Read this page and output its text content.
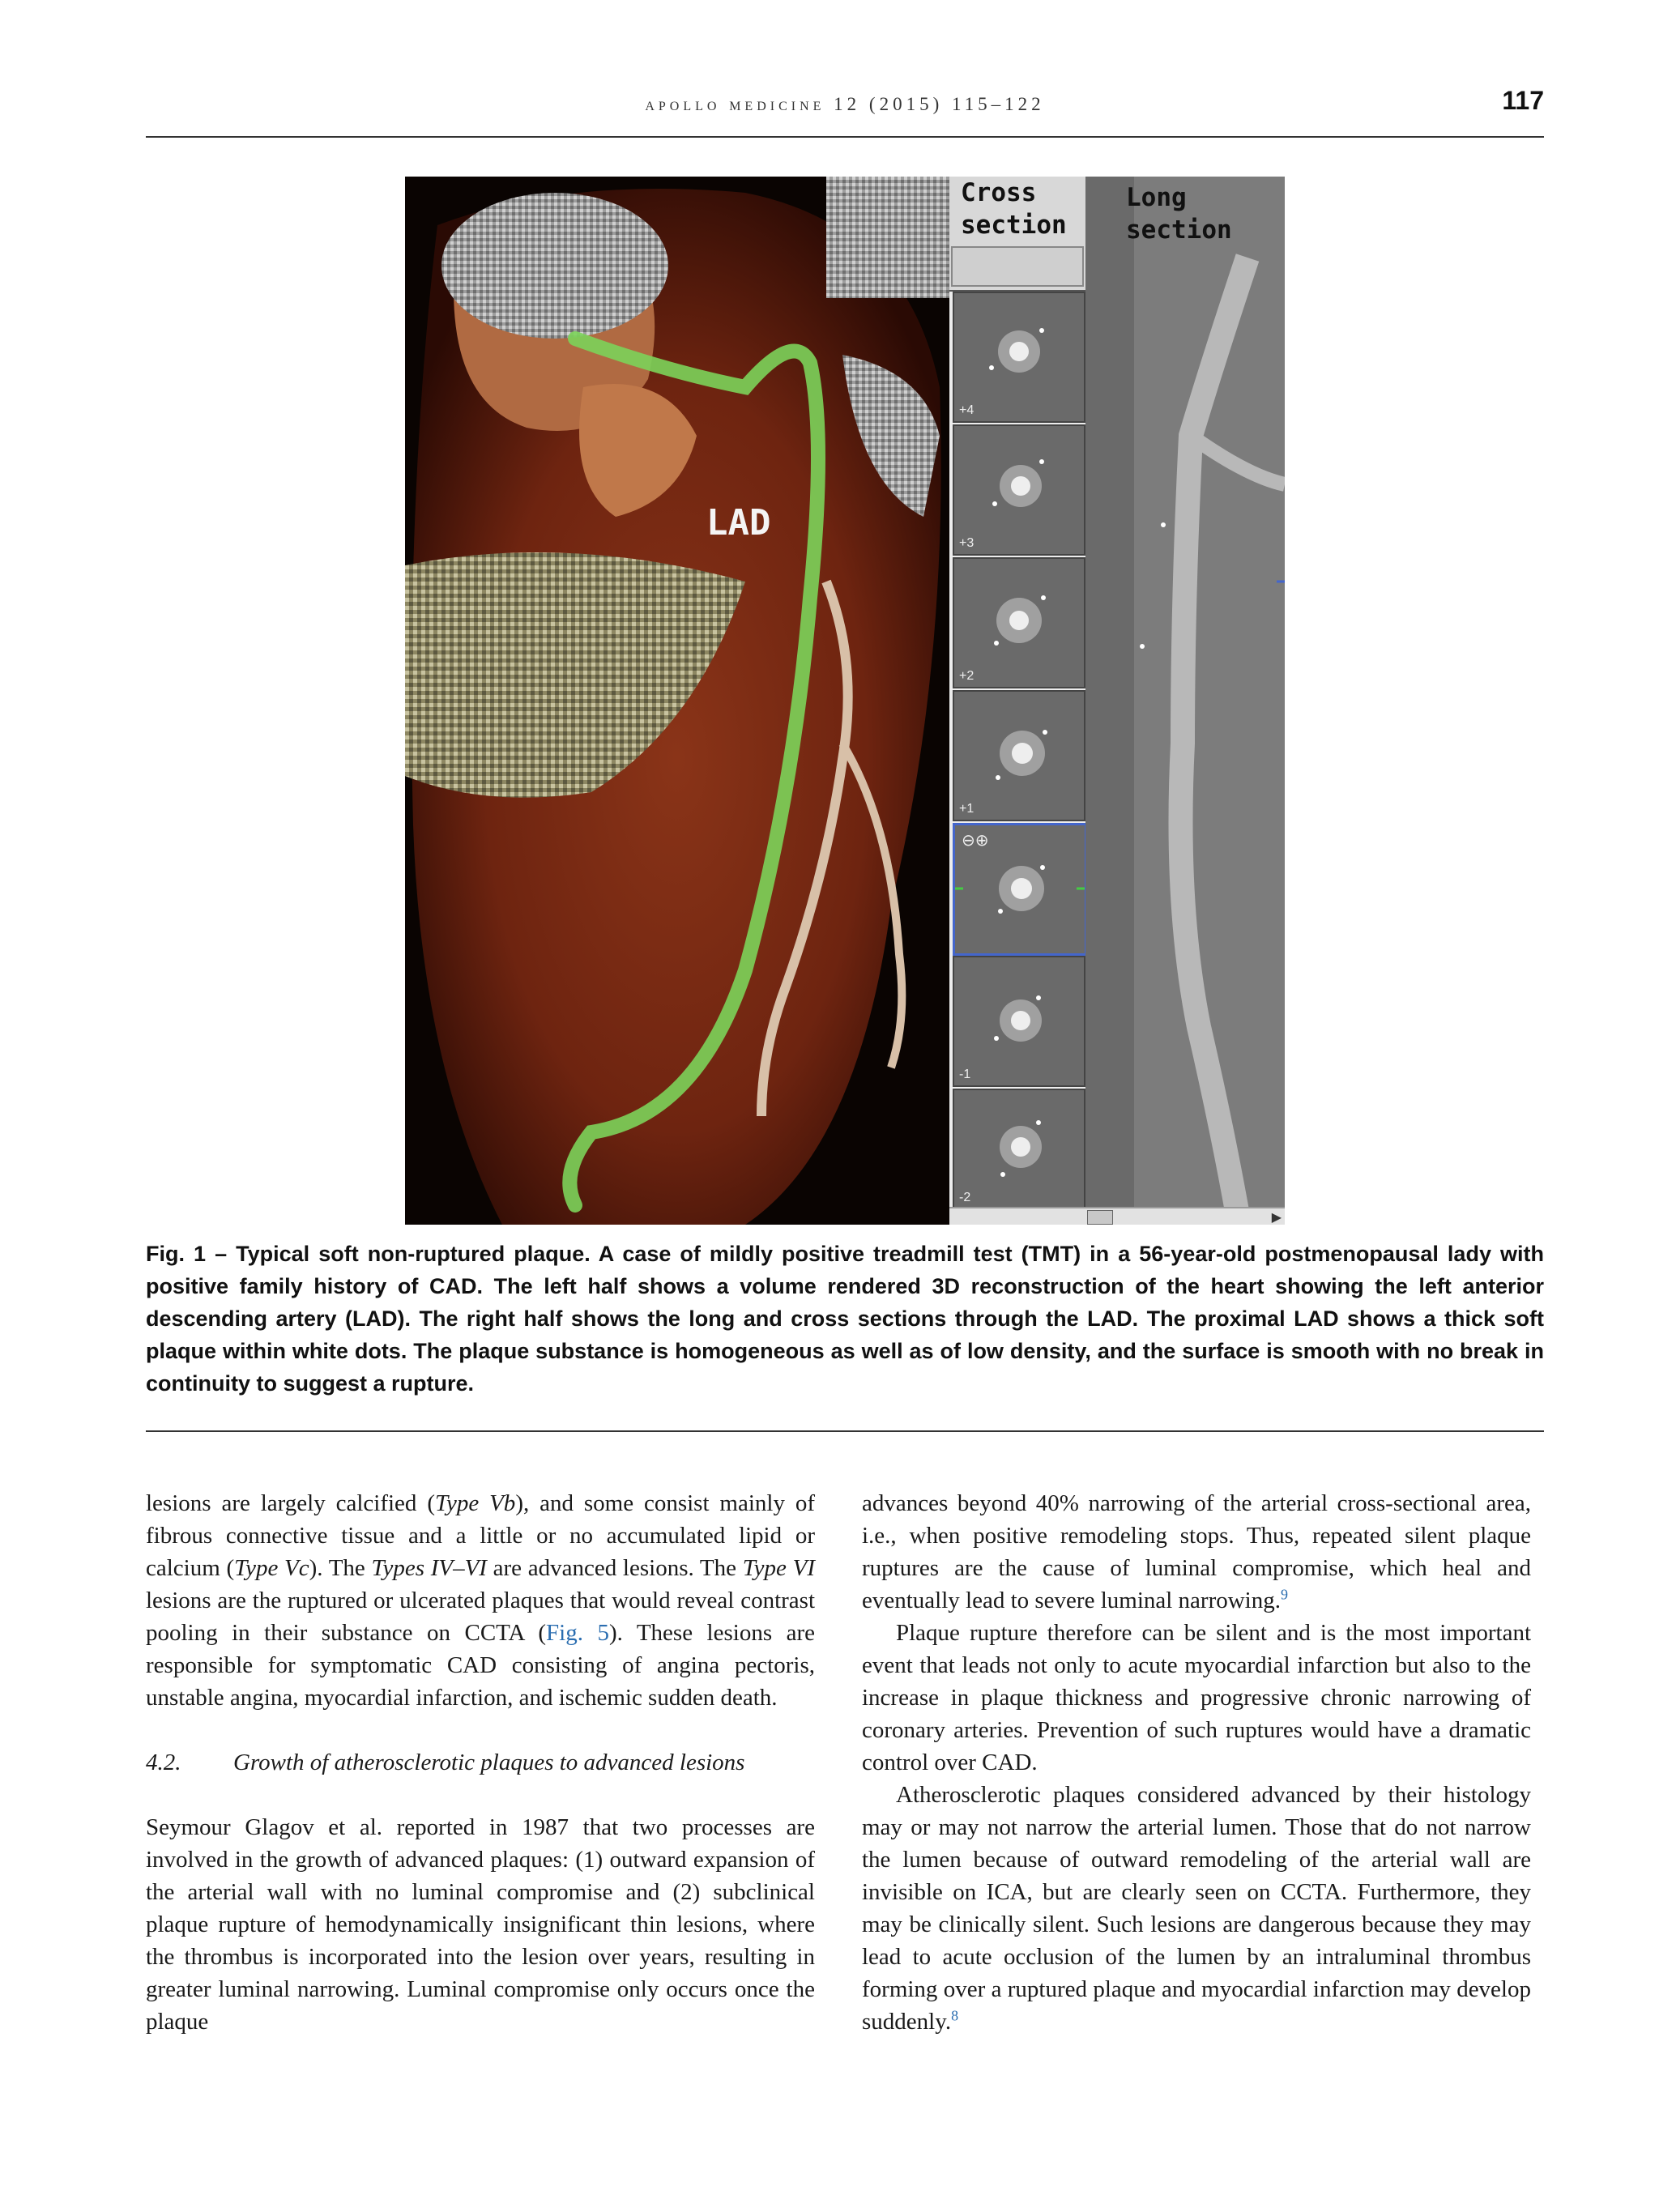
apollo medicine 12 (2015) 115–122	117
LAD
Cross
section
+4
+3
+2
+1
⊖⊕
-1
-2
Long
section
▶
Fig. 1 – Typical soft non-ruptured plaque. A case of mildly positive treadmill test (TMT) in a 56-year-old postmenopausal lady with positive family history of CAD. The left half shows a volume rendered 3D reconstruction of the heart showing the left anterior descending artery (LAD). The right half shows the long and cross sections through the LAD. The proximal LAD shows a thick soft plaque within white dots. The plaque substance is homogeneous as well as of low density, and the surface is smooth with no break in continuity to suggest a rupture.

lesions are largely calcified (Type Vb), and some consist mainly of fibrous connective tissue and a little or no accumulated lipid or calcium (Type Vc). The Types IV–VI are advanced lesions. The Type VI lesions are the ruptured or ulcerated plaques that would reveal contrast pooling in their substance on CCTA (Fig. 5). These lesions are responsible for symptomatic CAD consisting of angina pectoris, unstable angina, myocardial infarction, and ischemic sudden death.

4.2. Growth of atherosclerotic plaques to advanced lesions

Seymour Glagov et al. reported in 1987 that two processes are involved in the growth of advanced plaques: (1) outward expansion of the arterial wall with no luminal compromise and (2) subclinical plaque rupture of hemodynamically insignificant thin lesions, where the thrombus is incorporated into the lesion over years, resulting in greater luminal narrowing. Luminal compromise only occurs once the plaque

advances beyond 40% narrowing of the arterial cross-sectional area, i.e., when positive remodeling stops. Thus, repeated silent plaque ruptures are the cause of luminal compromise, which heal and eventually lead to severe luminal narrowing.$^9$

Plaque rupture therefore can be silent and is the most important event that leads not only to acute myocardial infarction but also to the increase in plaque thickness and progressive chronic narrowing of coronary arteries. Prevention of such ruptures would have a dramatic control over CAD.

Atherosclerotic plaques considered advanced by their histology may or may not narrow the arterial lumen. Those that do not narrow the lumen because of outward remodeling of the arterial wall are invisible on ICA, but are clearly seen on CCTA. Furthermore, they may be clinically silent. Such lesions are dangerous because they may lead to acute occlusion of the lumen by an intraluminal thrombus forming over a ruptured plaque and myocardial infarction may develop suddenly.$^8$
